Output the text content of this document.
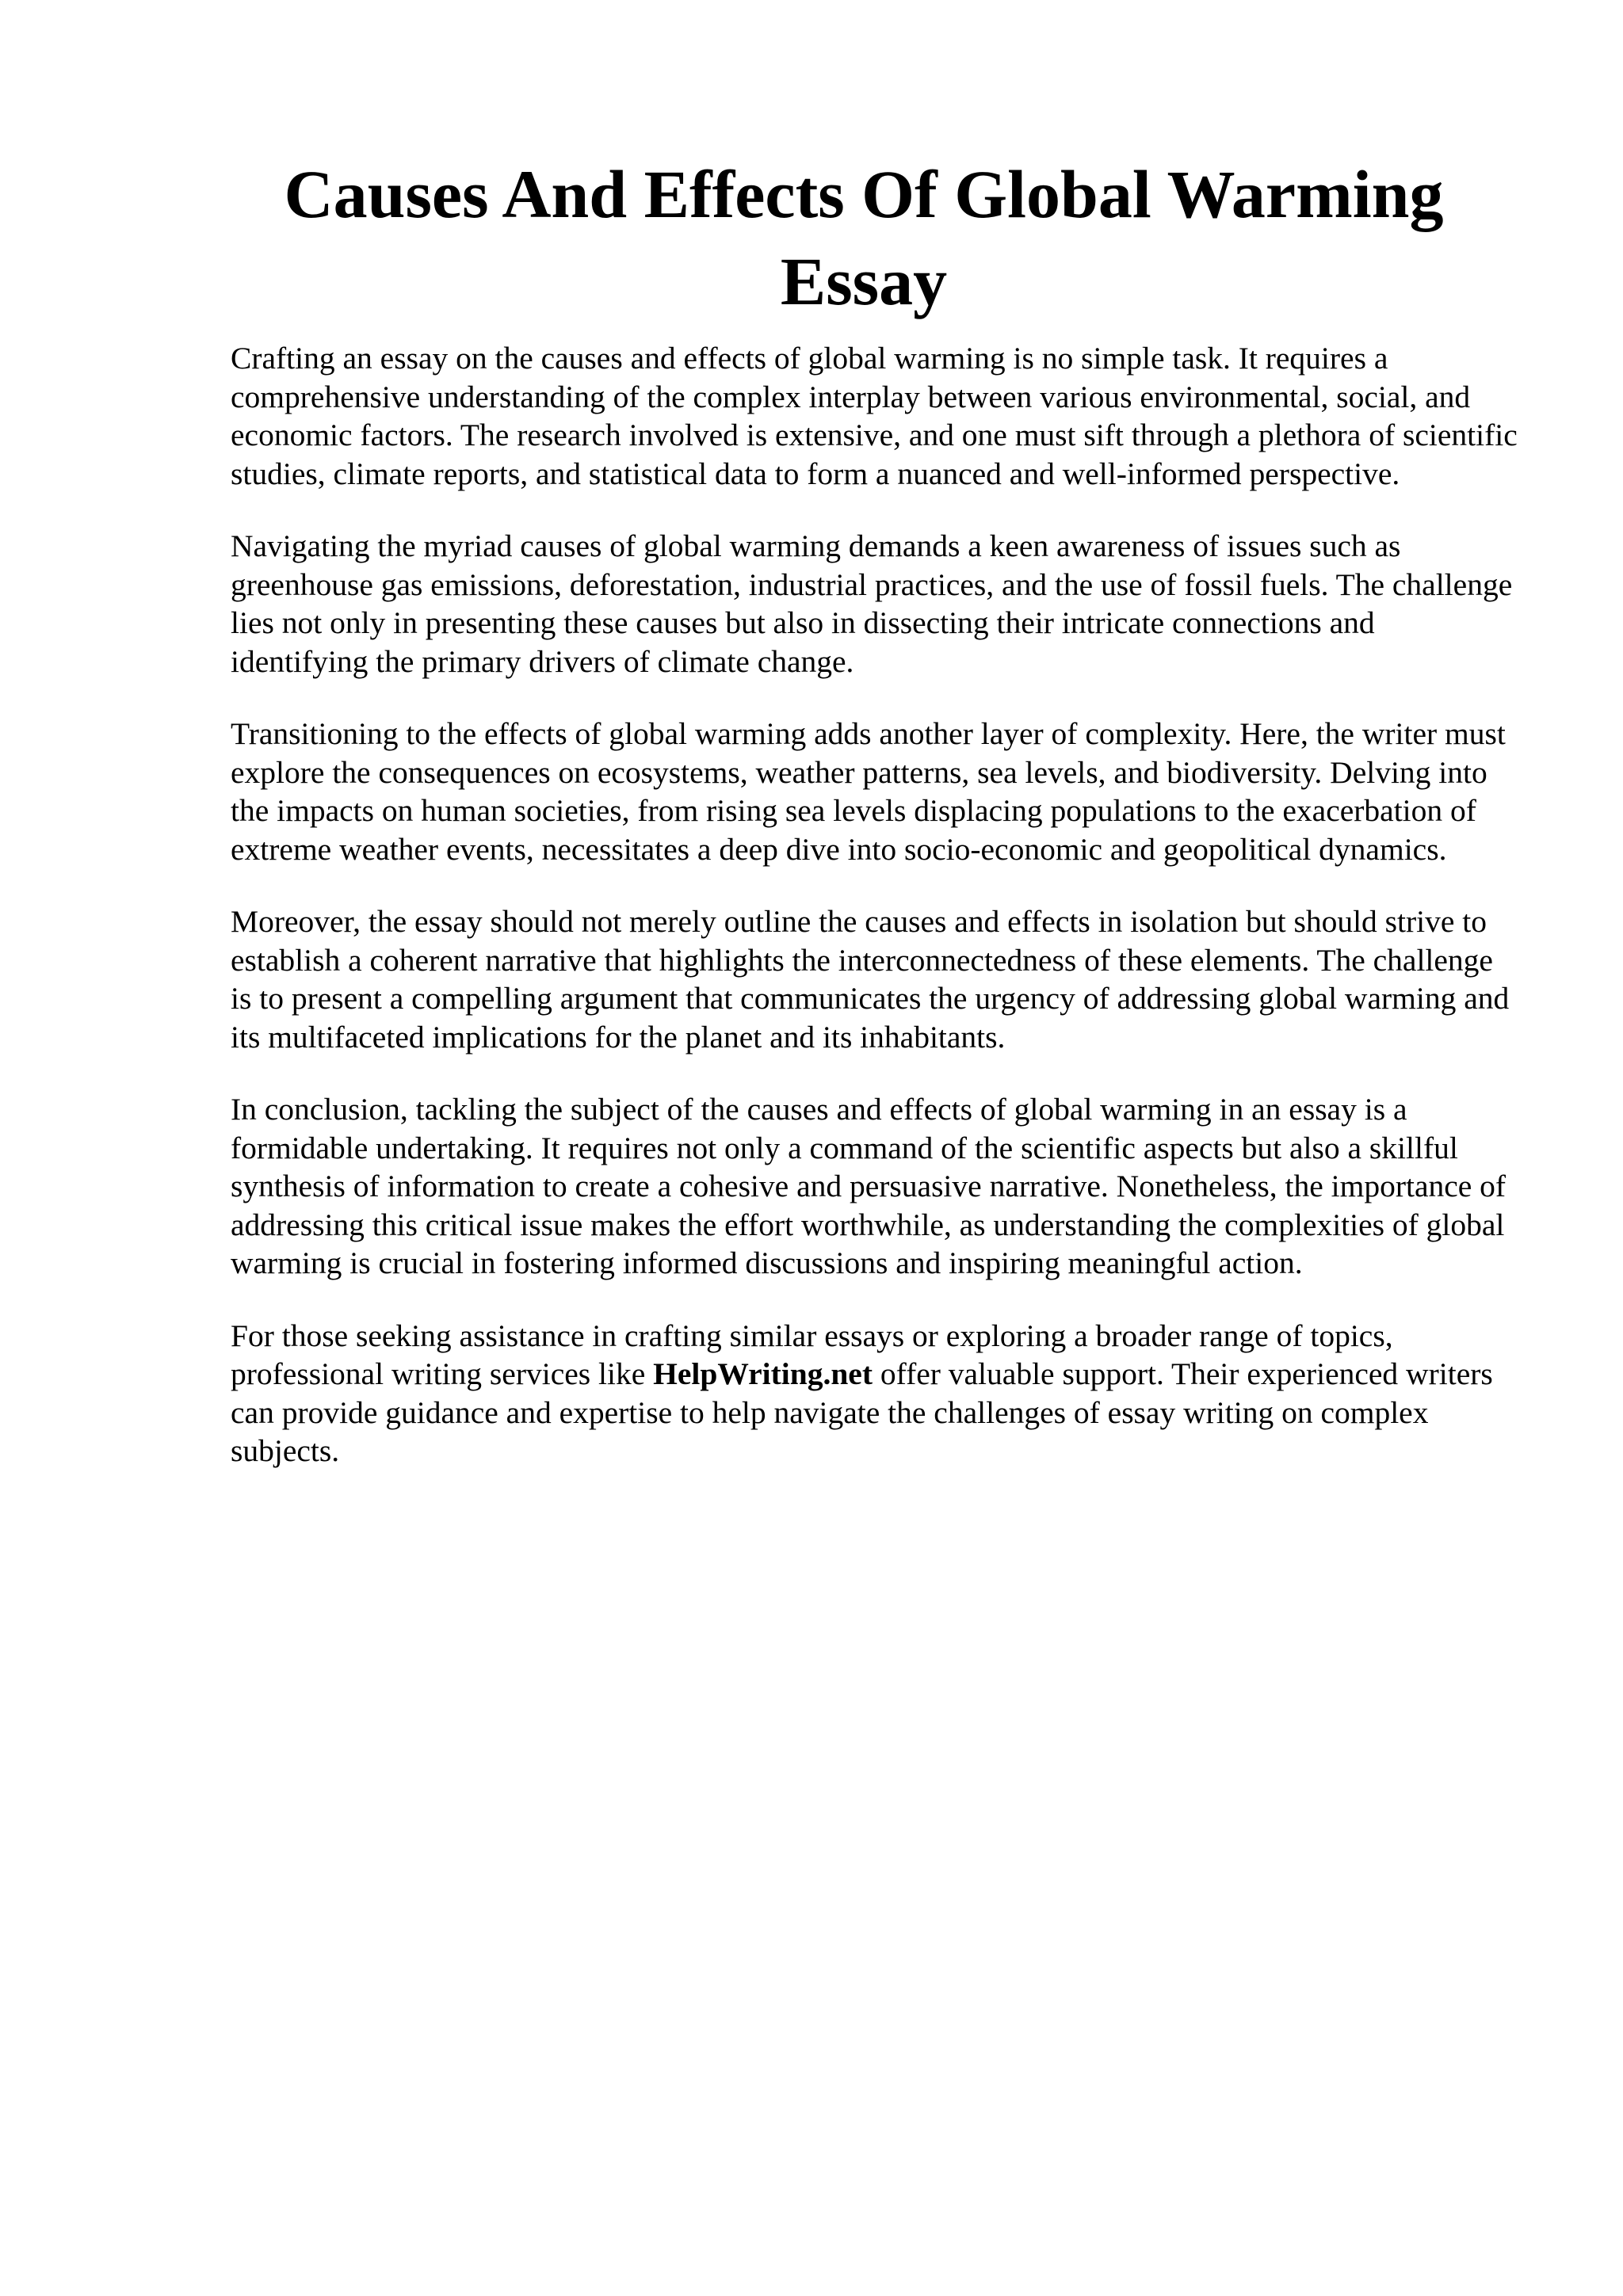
Causes And Effects Of Global Warming Essay

Crafting an essay on the causes and effects of global warming is no simple task. It requires a comprehensive understanding of the complex interplay between various environmental, social, and economic factors. The research involved is extensive, and one must sift through a plethora of scientific studies, climate reports, and statistical data to form a nuanced and well-informed perspective.

Navigating the myriad causes of global warming demands a keen awareness of issues such as greenhouse gas emissions, deforestation, industrial practices, and the use of fossil fuels. The challenge lies not only in presenting these causes but also in dissecting their intricate connections and identifying the primary drivers of climate change.

Transitioning to the effects of global warming adds another layer of complexity. Here, the writer must explore the consequences on ecosystems, weather patterns, sea levels, and biodiversity. Delving into the impacts on human societies, from rising sea levels displacing populations to the exacerbation of extreme weather events, necessitates a deep dive into socio-economic and geopolitical dynamics.

Moreover, the essay should not merely outline the causes and effects in isolation but should strive to establish a coherent narrative that highlights the interconnectedness of these elements. The challenge is to present a compelling argument that communicates the urgency of addressing global warming and its multifaceted implications for the planet and its inhabitants.

In conclusion, tackling the subject of the causes and effects of global warming in an essay is a formidable undertaking. It requires not only a command of the scientific aspects but also a skillful synthesis of information to create a cohesive and persuasive narrative. Nonetheless, the importance of addressing this critical issue makes the effort worthwhile, as understanding the complexities of global warming is crucial in fostering informed discussions and inspiring meaningful action.

For those seeking assistance in crafting similar essays or exploring a broader range of topics, professional writing services like HelpWriting.net offer valuable support. Their experienced writers can provide guidance and expertise to help navigate the challenges of essay writing on complex subjects.
